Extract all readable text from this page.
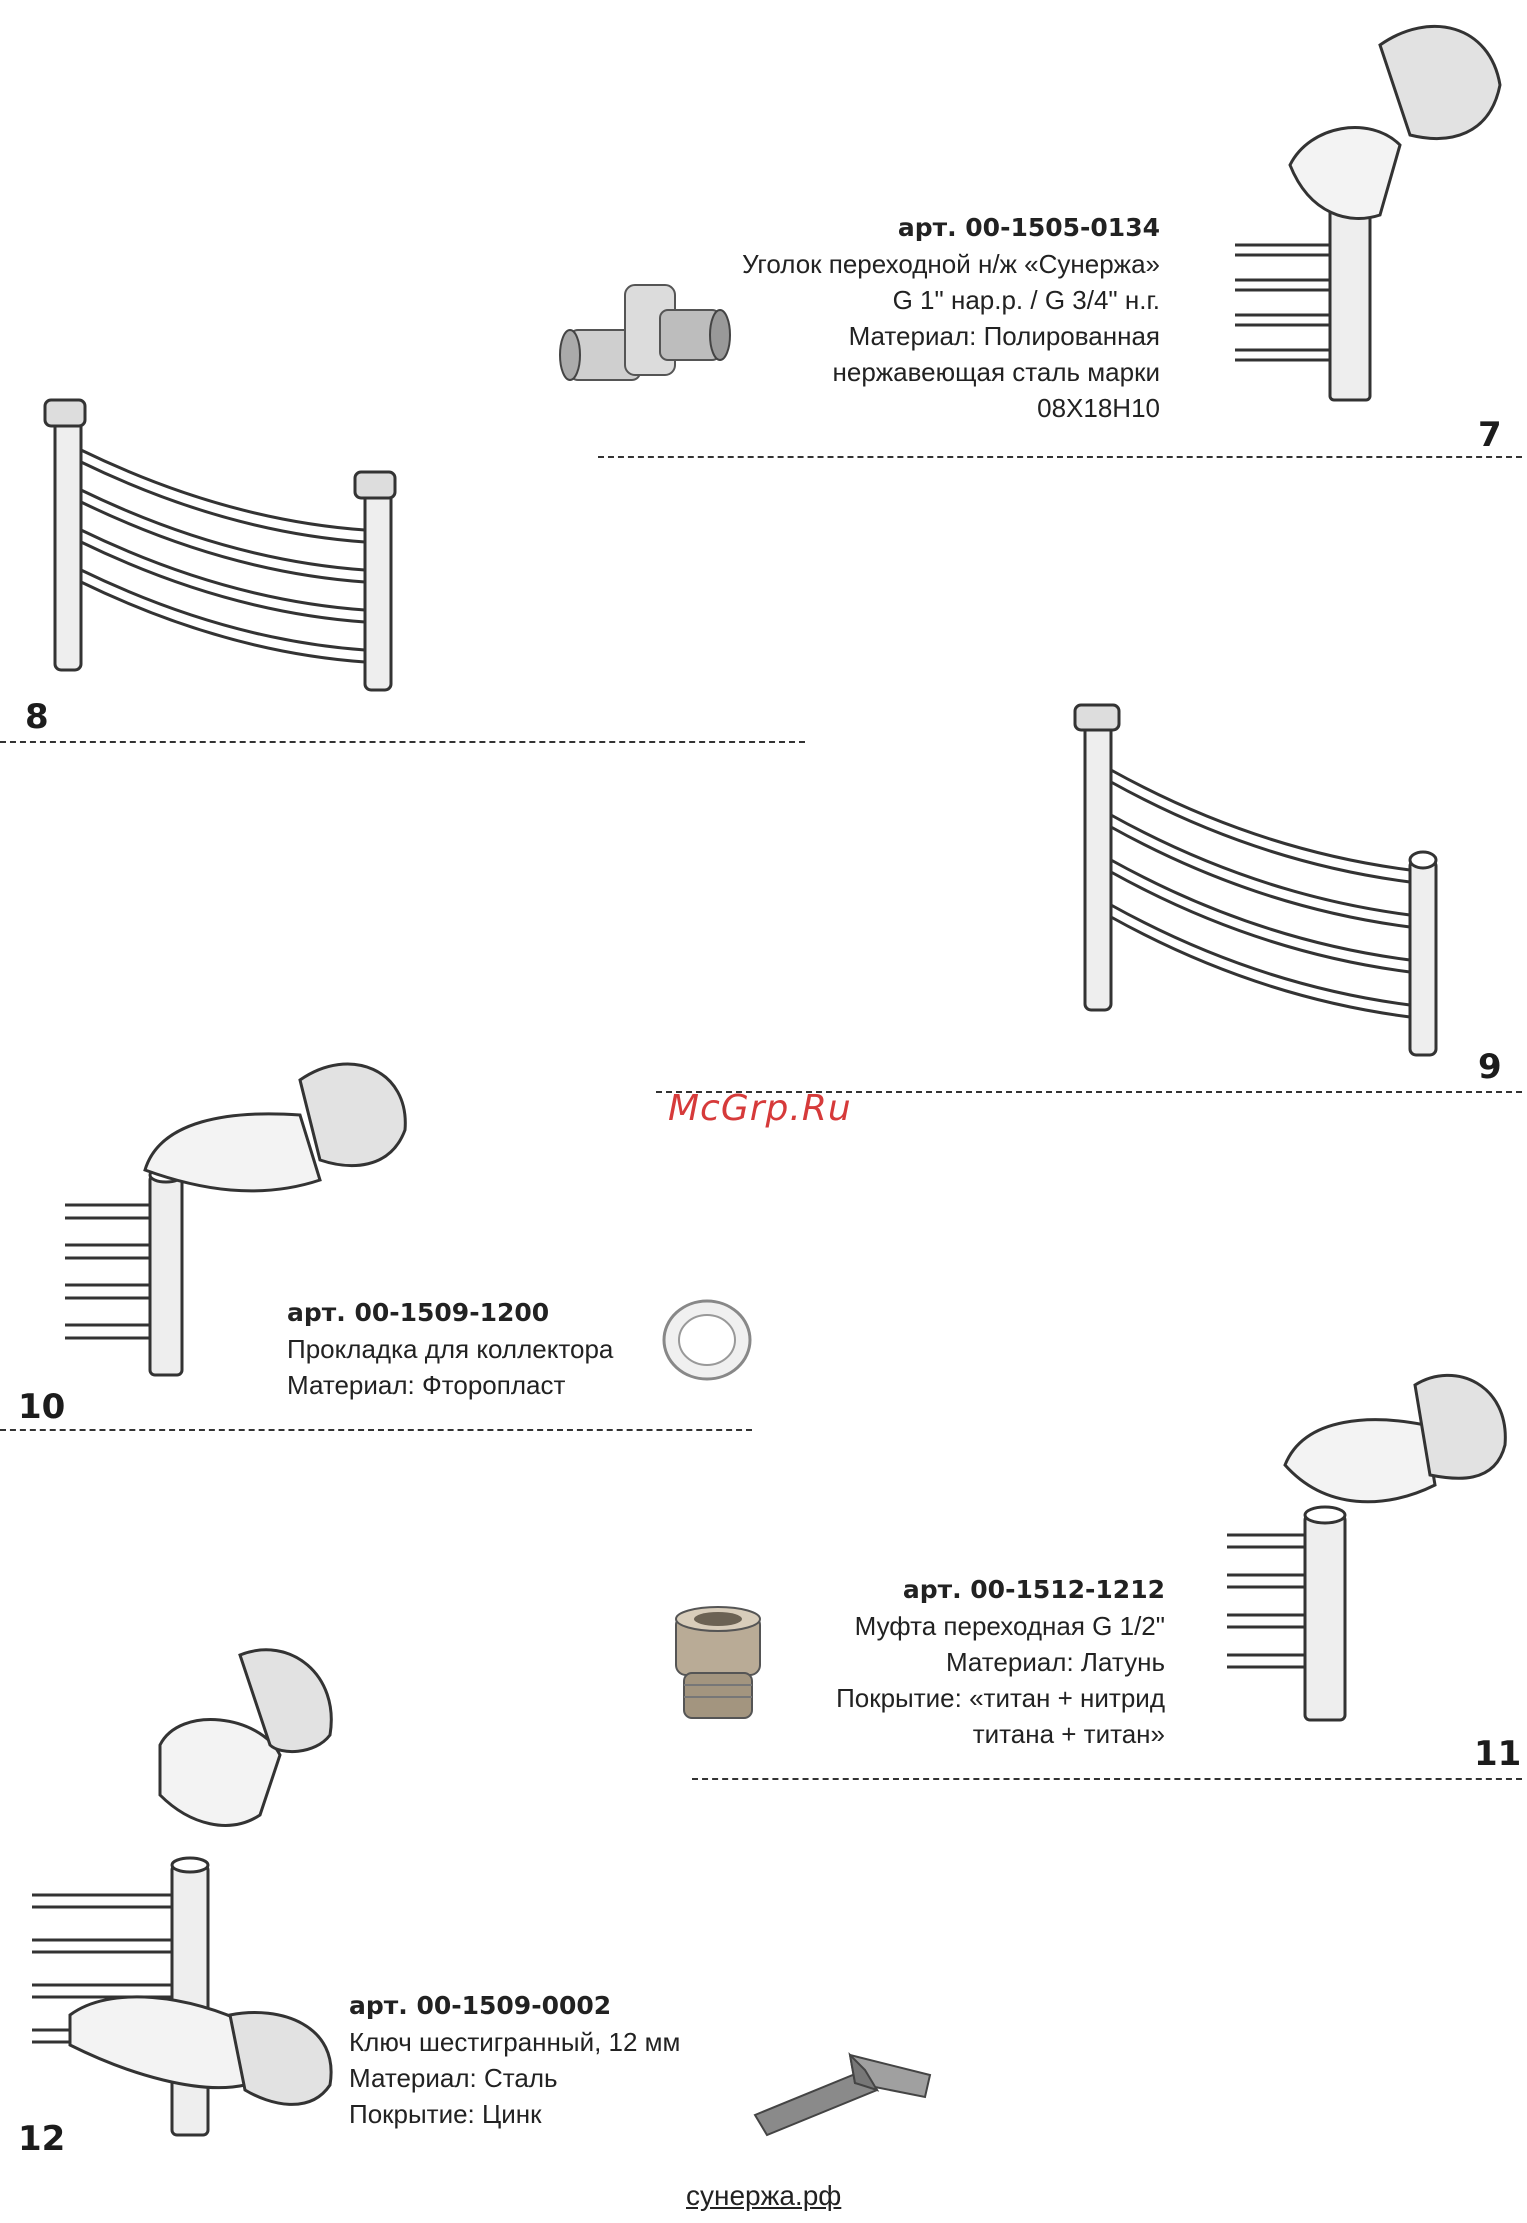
арт. 00-1505-0134
Уголок переходной н/ж «Сунержа»
G 1" нар.р. / G 3/4" н.г.
Материал: Полированная
нержавеющая сталь марки
08Х18Н10
7
8
9
McGrp.Ru
арт. 00-1509-1200
Прокладка для коллектора
Материал: Фторопласт
10
арт. 00-1512-1212
Муфта переходная G 1/2"
Материал: Латунь
Покрытие: «титан + нитрид
титана + титан»	11
арт. 00-1509-0002
Ключ шестигранный, 12 мм
Материал: Сталь
Покрытие: Цинк
12
сунержа.рф
